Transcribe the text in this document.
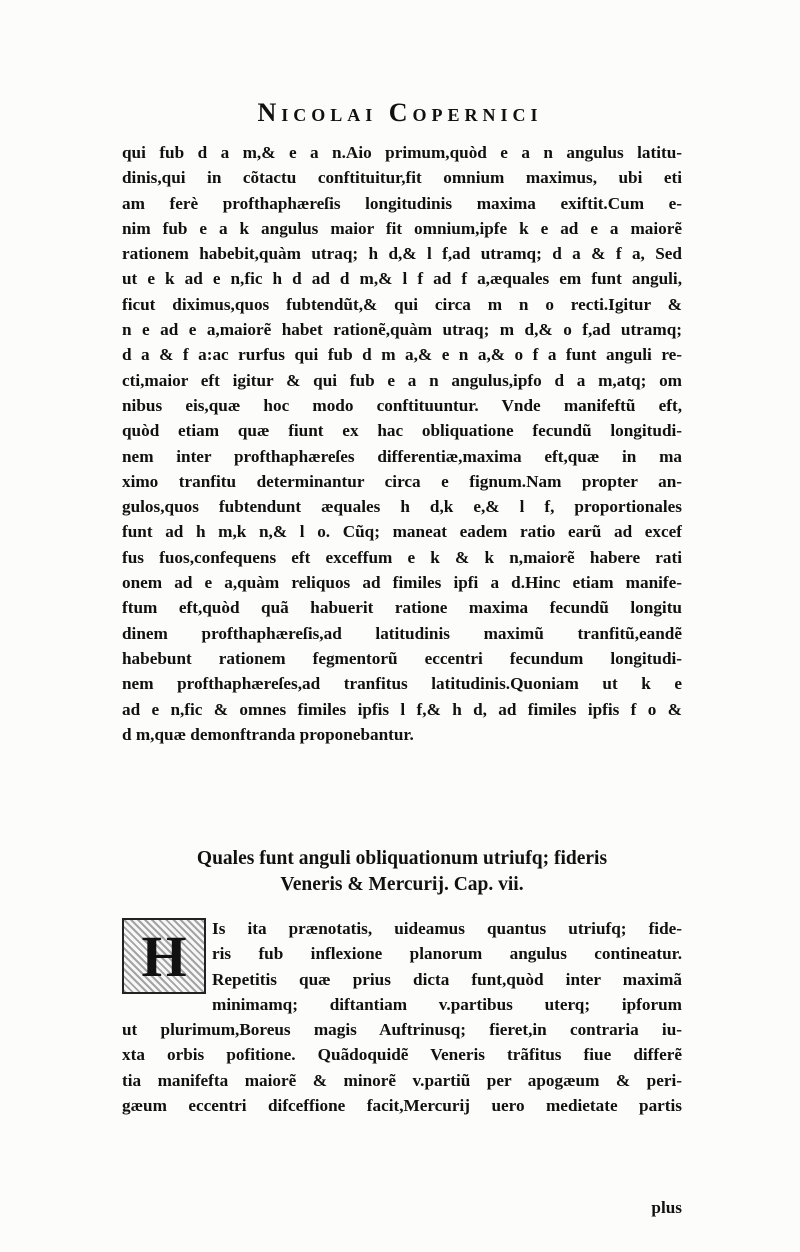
Nicolai Copernici
qui fub d a m,& e a n.Aio primum,quòd e a n angulus latitu-
dinis,qui in cõtactu conftituitur,fit omnium maximus, ubi eti
am ferè profthaphæreſis longitudinis maxima exiftit.Cum e-
nim fub e a k angulus maior fit omnium,ipfe k e ad e a maiorẽ
rationem habebit,quàm utraq; h d,& l f,ad utramq; d a & f a, Sed
ut e k ad e n,fic h d ad d m,& l f ad f a,æquales em funt anguli,
ficut diximus,quos fubtendũt,& qui circa m n o recti.Igitur &
n e ad e a,maiorẽ habet rationẽ,quàm utraq; m d,& o f,ad utramq;
d a & f a:ac rurfus qui fub d m a,& e n a,& o f a funt anguli re-
cti,maior eft igitur & qui fub e a n angulus,ipfo d a m,atq; om
nibus eis,quæ hoc modo conftituuntur. Vnde manifeftũ eft,
quòd etiam quæ fiunt ex hac obliquatione fecundũ longitudi-
nem inter profthaphæreſes differentiæ,maxima eft,quæ in ma
ximo tranfitu determinantur circa e fignum.Nam propter an-
gulos,quos fubtendunt æquales h d,k e,& l f, proportionales
funt ad h m,k n,& l o. Cũq; maneat eadem ratio earũ ad excef
fus fuos,confequens eft exceffum e k & k n,maiorẽ habere rati
onem ad e a,quàm reliquos ad fimiles ipfi a d.Hinc etiam manife-
ftum eft,quòd quã habuerit ratione maxima fecundũ longitu
dinem profthaphæreſis,ad latitudinis maximũ tranfitũ,eandẽ
habebunt rationem fegmentorũ eccentri fecundum longitudi-
nem profthaphæreſes,ad tranfitus latitudinis.Quoniam ut k e
ad e n,fic & omnes fimiles ipfis l f,& h d, ad fimiles ipfis f o &
d m,quæ demonftranda proponebantur.
Quales funt anguli obliquationum utriufq; fideris
Veneris & Mercurij. Cap. vii.
H	Is ita prænotatis, uideamus quantus utriufq; fide-
ris fub inflexione planorum angulus contineatur.
Repetitis quæ prius dicta funt,quòd inter maximã
minimamq; diftantiam v.partibus uterq; ipforum
ut plurimum,Boreus magis Auftrinusq; fieret,in contraria iu-
xta orbis pofitione. Quãdoquidẽ Veneris trãfitus fiue differẽ
tia manifefta maiorẽ & minorẽ v.partiũ per apogæum & peri-
gæum eccentri difceffione facit,Mercurij uero medietate partis
plus
